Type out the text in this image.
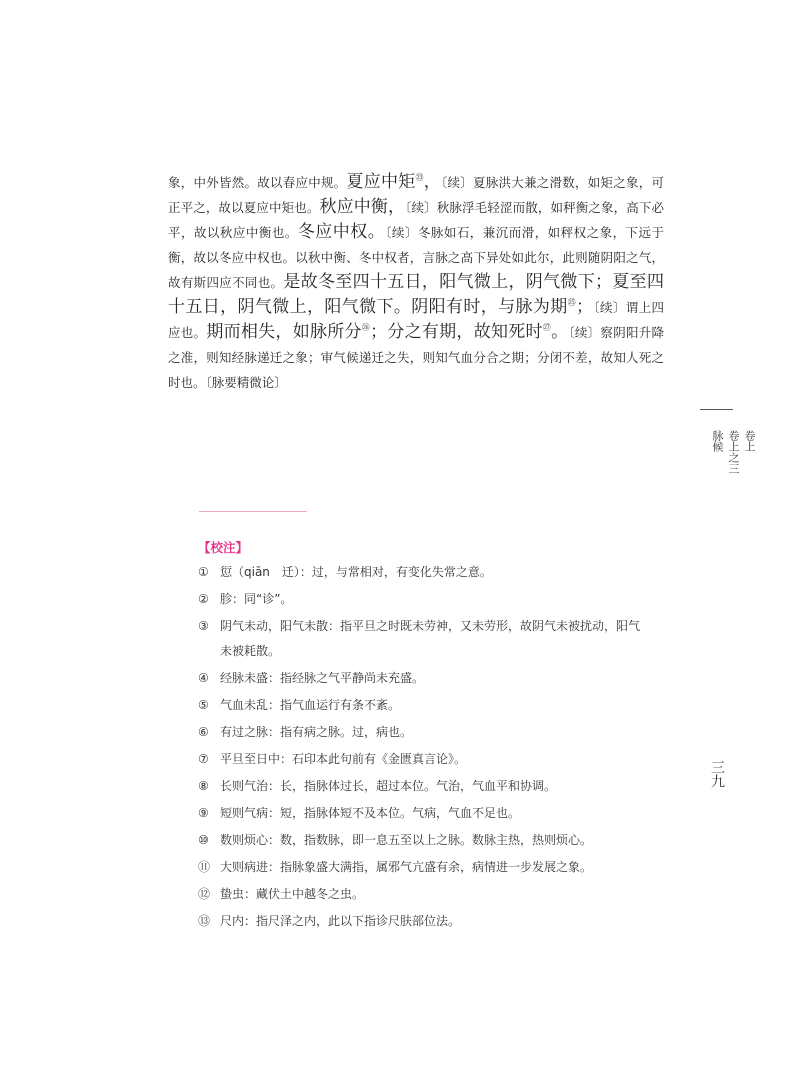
象，中外皆然。故以春应中规。夏应中矩$^㉓$，〔续〕夏脉洪大兼之滑数，如矩之象，可正平之，故以夏应中矩也。秋应中衡，〔续〕秋脉浮毛轻涩而散，如秤衡之象，高下必平，故以秋应中衡也。冬应中权。〔续〕冬脉如石，兼沉而滑，如秤权之象，下远于衡，故以冬应中权也。以秋中衡、冬中权者，言脉之高下异处如此尔，此则随阴阳之气，故有斯四应不同也。是故冬至四十五日，阳气微上，阴气微下；夏至四十五日，阴气微上，阳气微下。阴阳有时，与脉为期$^㉕$；〔续〕谓上四应也。期而相失，如脉所分$^㉖$；分之有期，故知死时$^㉗$。〔续〕察阴阳升降之准，则知经脉递迁之象；审气候递迁之失，则知气血分合之期；分闭不差，故知人死之时也。〔脉要精微论〕

【校注】
① 愆（qiān　迁）：过，与常相对，有变化失常之意。
② 胗：同“诊”。
③ 阴气未动，阳气未散：指平旦之时既未劳神，又未劳形，故阴气未被扰动，阳气未被耗散。
④ 经脉未盛：指经脉之气平静尚未充盛。
⑤ 气血未乱：指气血运行有条不紊。
⑥ 有过之脉：指有病之脉。过，病也。
⑦ 平旦至日中：石印本此句前有《金匮真言论》。
⑧ 长则气治：长，指脉体过长，超过本位。气治，气血平和协调。
⑨ 短则气病：短，指脉体短不及本位。气病，气血不足也。
⑩ 数则烦心：数，指数脉，即一息五至以上之脉。数脉主热，热则烦心。
⑪ 大则病进：指脉象盛大满指，属邪气亢盛有余，病情进一步发展之象。
⑫ 蛰虫：藏伏土中越冬之虫。
⑬ 尺内：指尺泽之内，此以下指诊尺肤部位法。
卷上
卷上之三
脉候
三九
